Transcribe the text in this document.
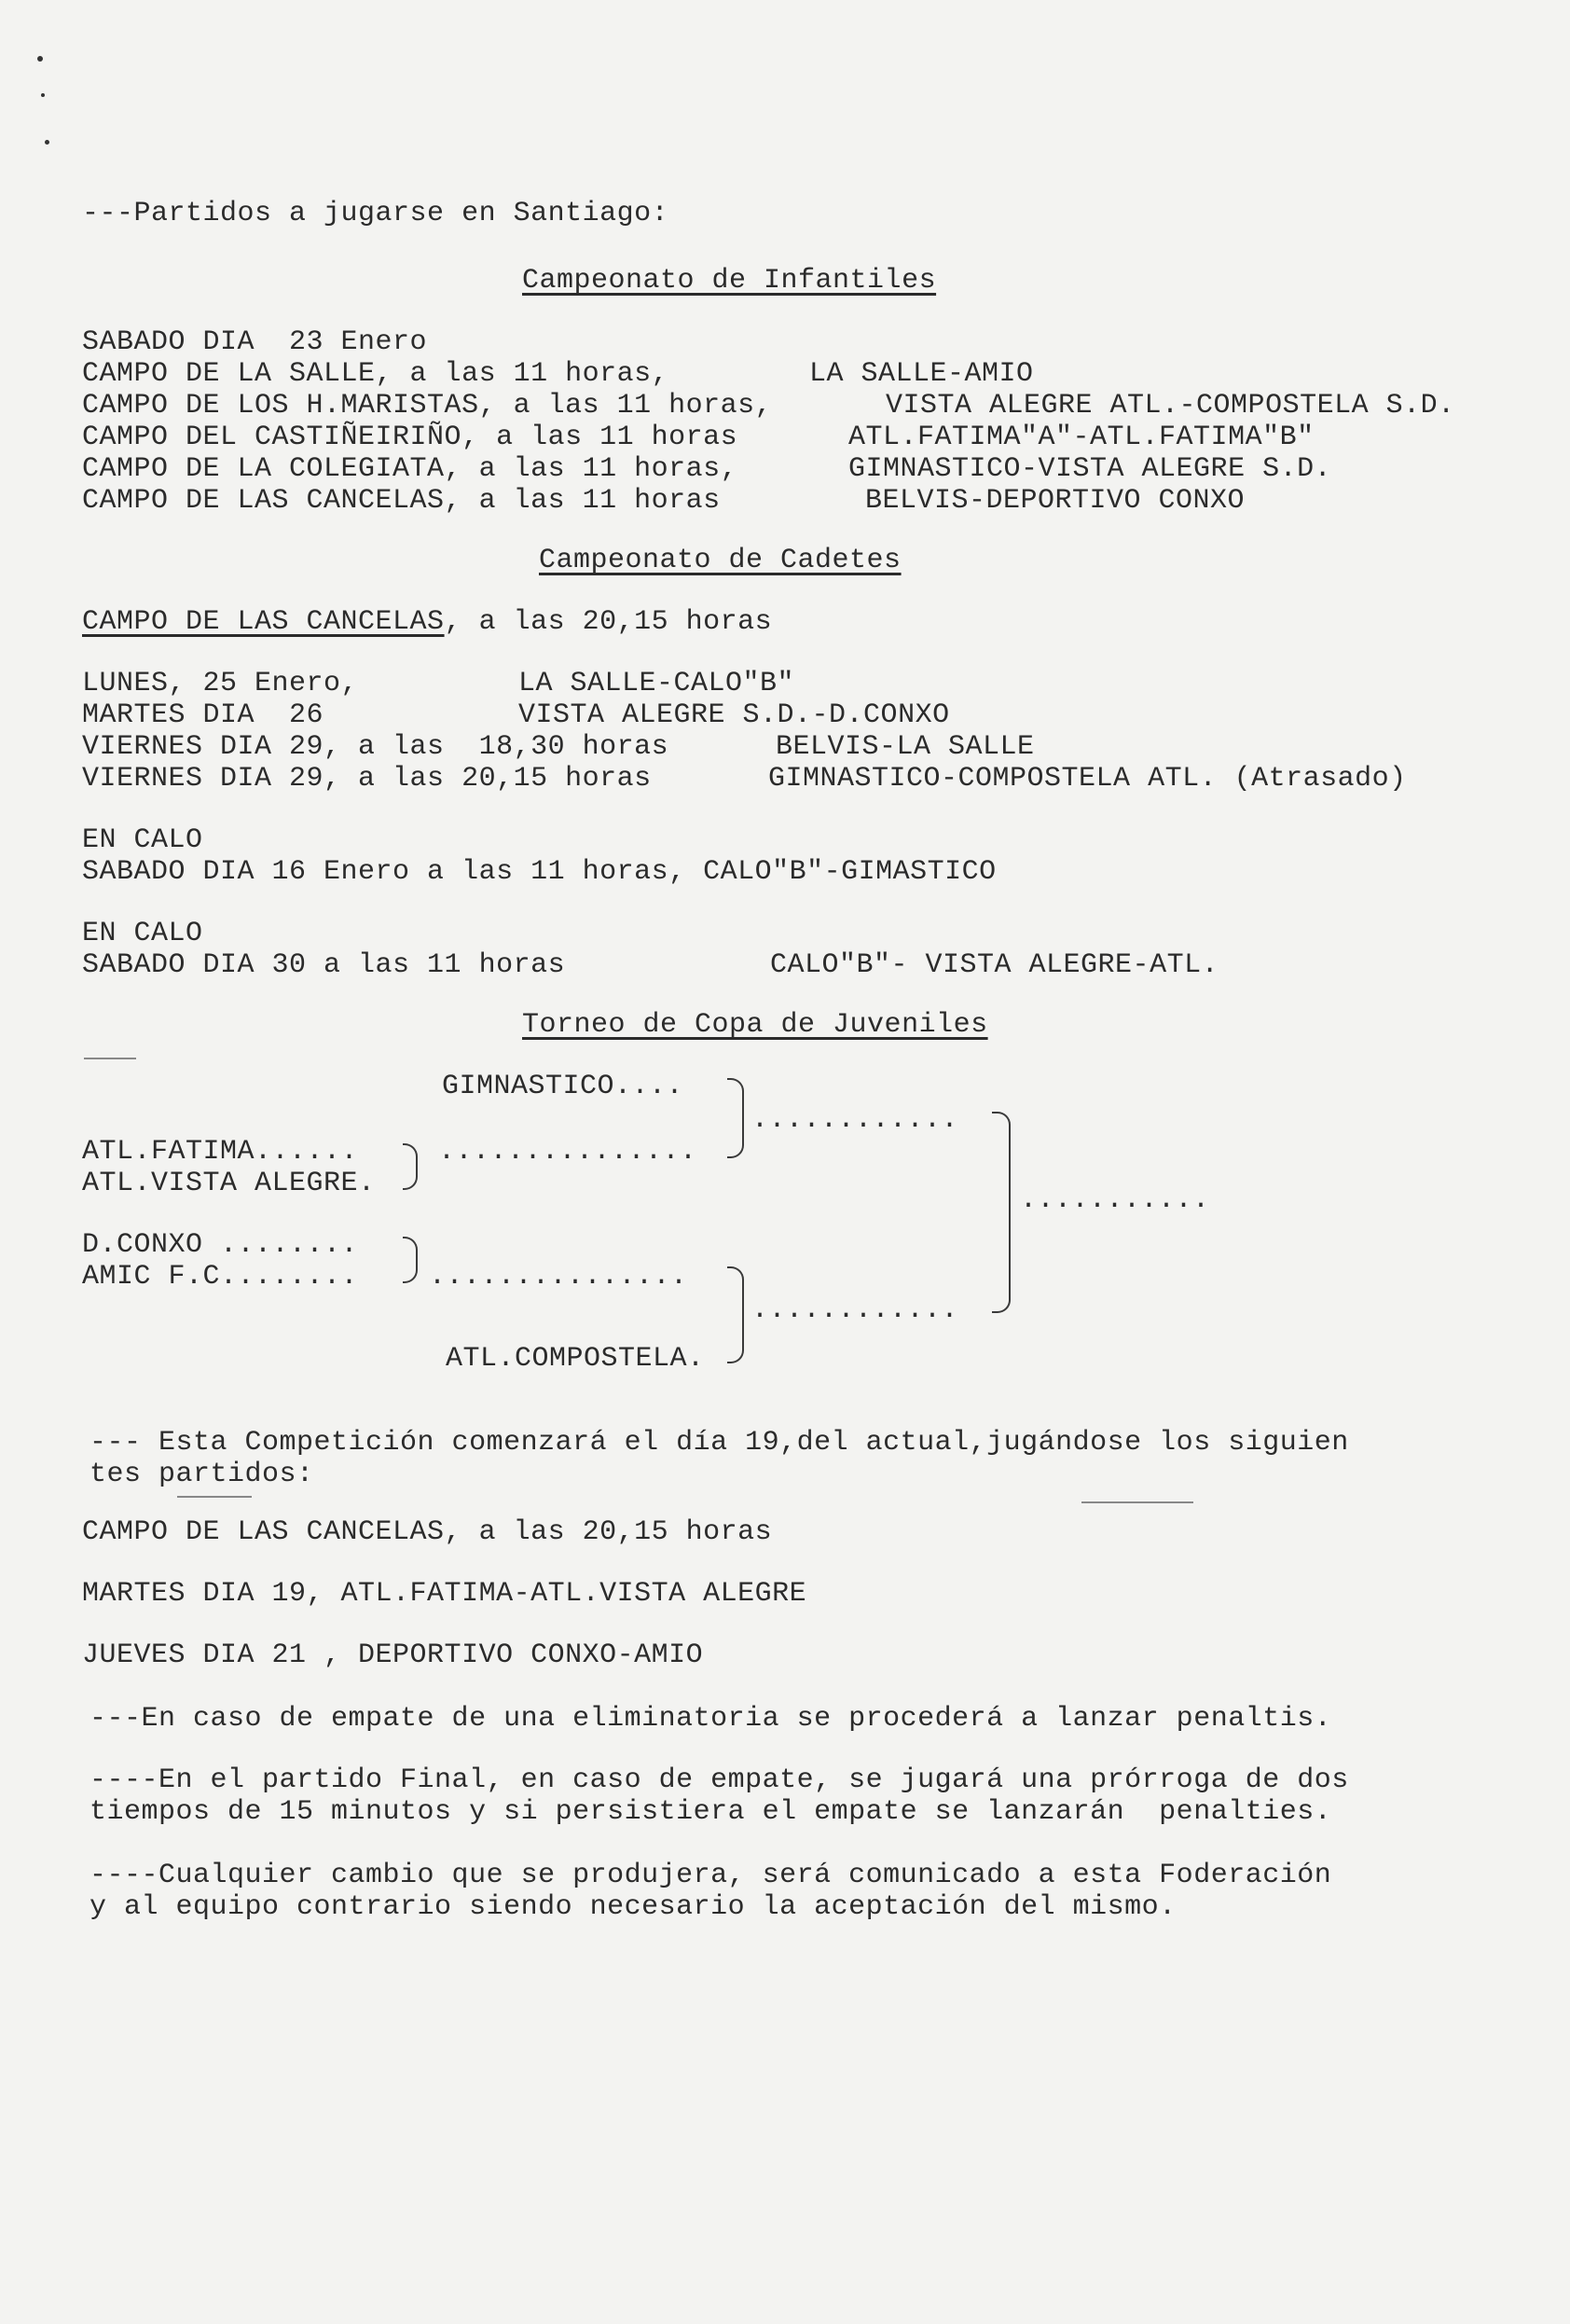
---Partidos a jugarse en Santiago:
Campeonato de Infantiles
SABADO DIA  23 Enero
CAMPO DE LA SALLE, a las 11 horas,	LA SALLE-AMIO
CAMPO DE LOS H.MARISTAS, a las 11 horas,	VISTA ALEGRE ATL.-COMPOSTELA S.D.
CAMPO DEL CASTIÑEIRIÑO, a las 11 horas	ATL.FATIMA"A"-ATL.FATIMA"B"
CAMPO DE LA COLEGIATA, a las 11 horas,	GIMNASTICO-VISTA ALEGRE S.D.
CAMPO DE LAS CANCELAS, a las 11 horas	BELVIS-DEPORTIVO CONXO
Campeonato de Cadetes
CAMPO DE LAS CANCELAS, a las 20,15 horas
LUNES, 25 Enero,	LA SALLE-CALO"B"
MARTES DIA  26	VISTA ALEGRE S.D.-D.CONXO
VIERNES DIA 29, a las  18,30 horas	BELVIS-LA SALLE
VIERNES DIA 29, a las 20,15 horas	GIMNASTICO-COMPOSTELA ATL. (Atrasado)
EN CALO
SABADO DIA 16 Enero a las 11 horas, CALO"B"-GIMASTICO
EN CALO
SABADO DIA 30 a las 11 horas	CALO"B"- VISTA ALEGRE-ATL.
Torneo de Copa de Juveniles
GIMNASTICO....
...............
............
ATL.FATIMA......
ATL.VISTA ALEGRE.
...........
D.CONXO ........
AMIC F.C........	...............
............
ATL.COMPOSTELA.
--- Esta Competición comenzará el día 19,del actual,jugándose los siguien
tes partidos:
CAMPO DE LAS CANCELAS, a las 20,15 horas
MARTES DIA 19, ATL.FATIMA-ATL.VISTA ALEGRE
JUEVES DIA 21 , DEPORTIVO CONXO-AMIO
---En caso de empate de una eliminatoria se procederá a lanzar penaltis.
----En el partido Final, en caso de empate, se jugará una prórroga de dos
tiempos de 15 minutos y si persistiera el empate se lanzarán  penalties.
----Cualquier cambio que se produjera, será comunicado a esta Foderación
y al equipo contrario siendo necesario la aceptación del mismo.
